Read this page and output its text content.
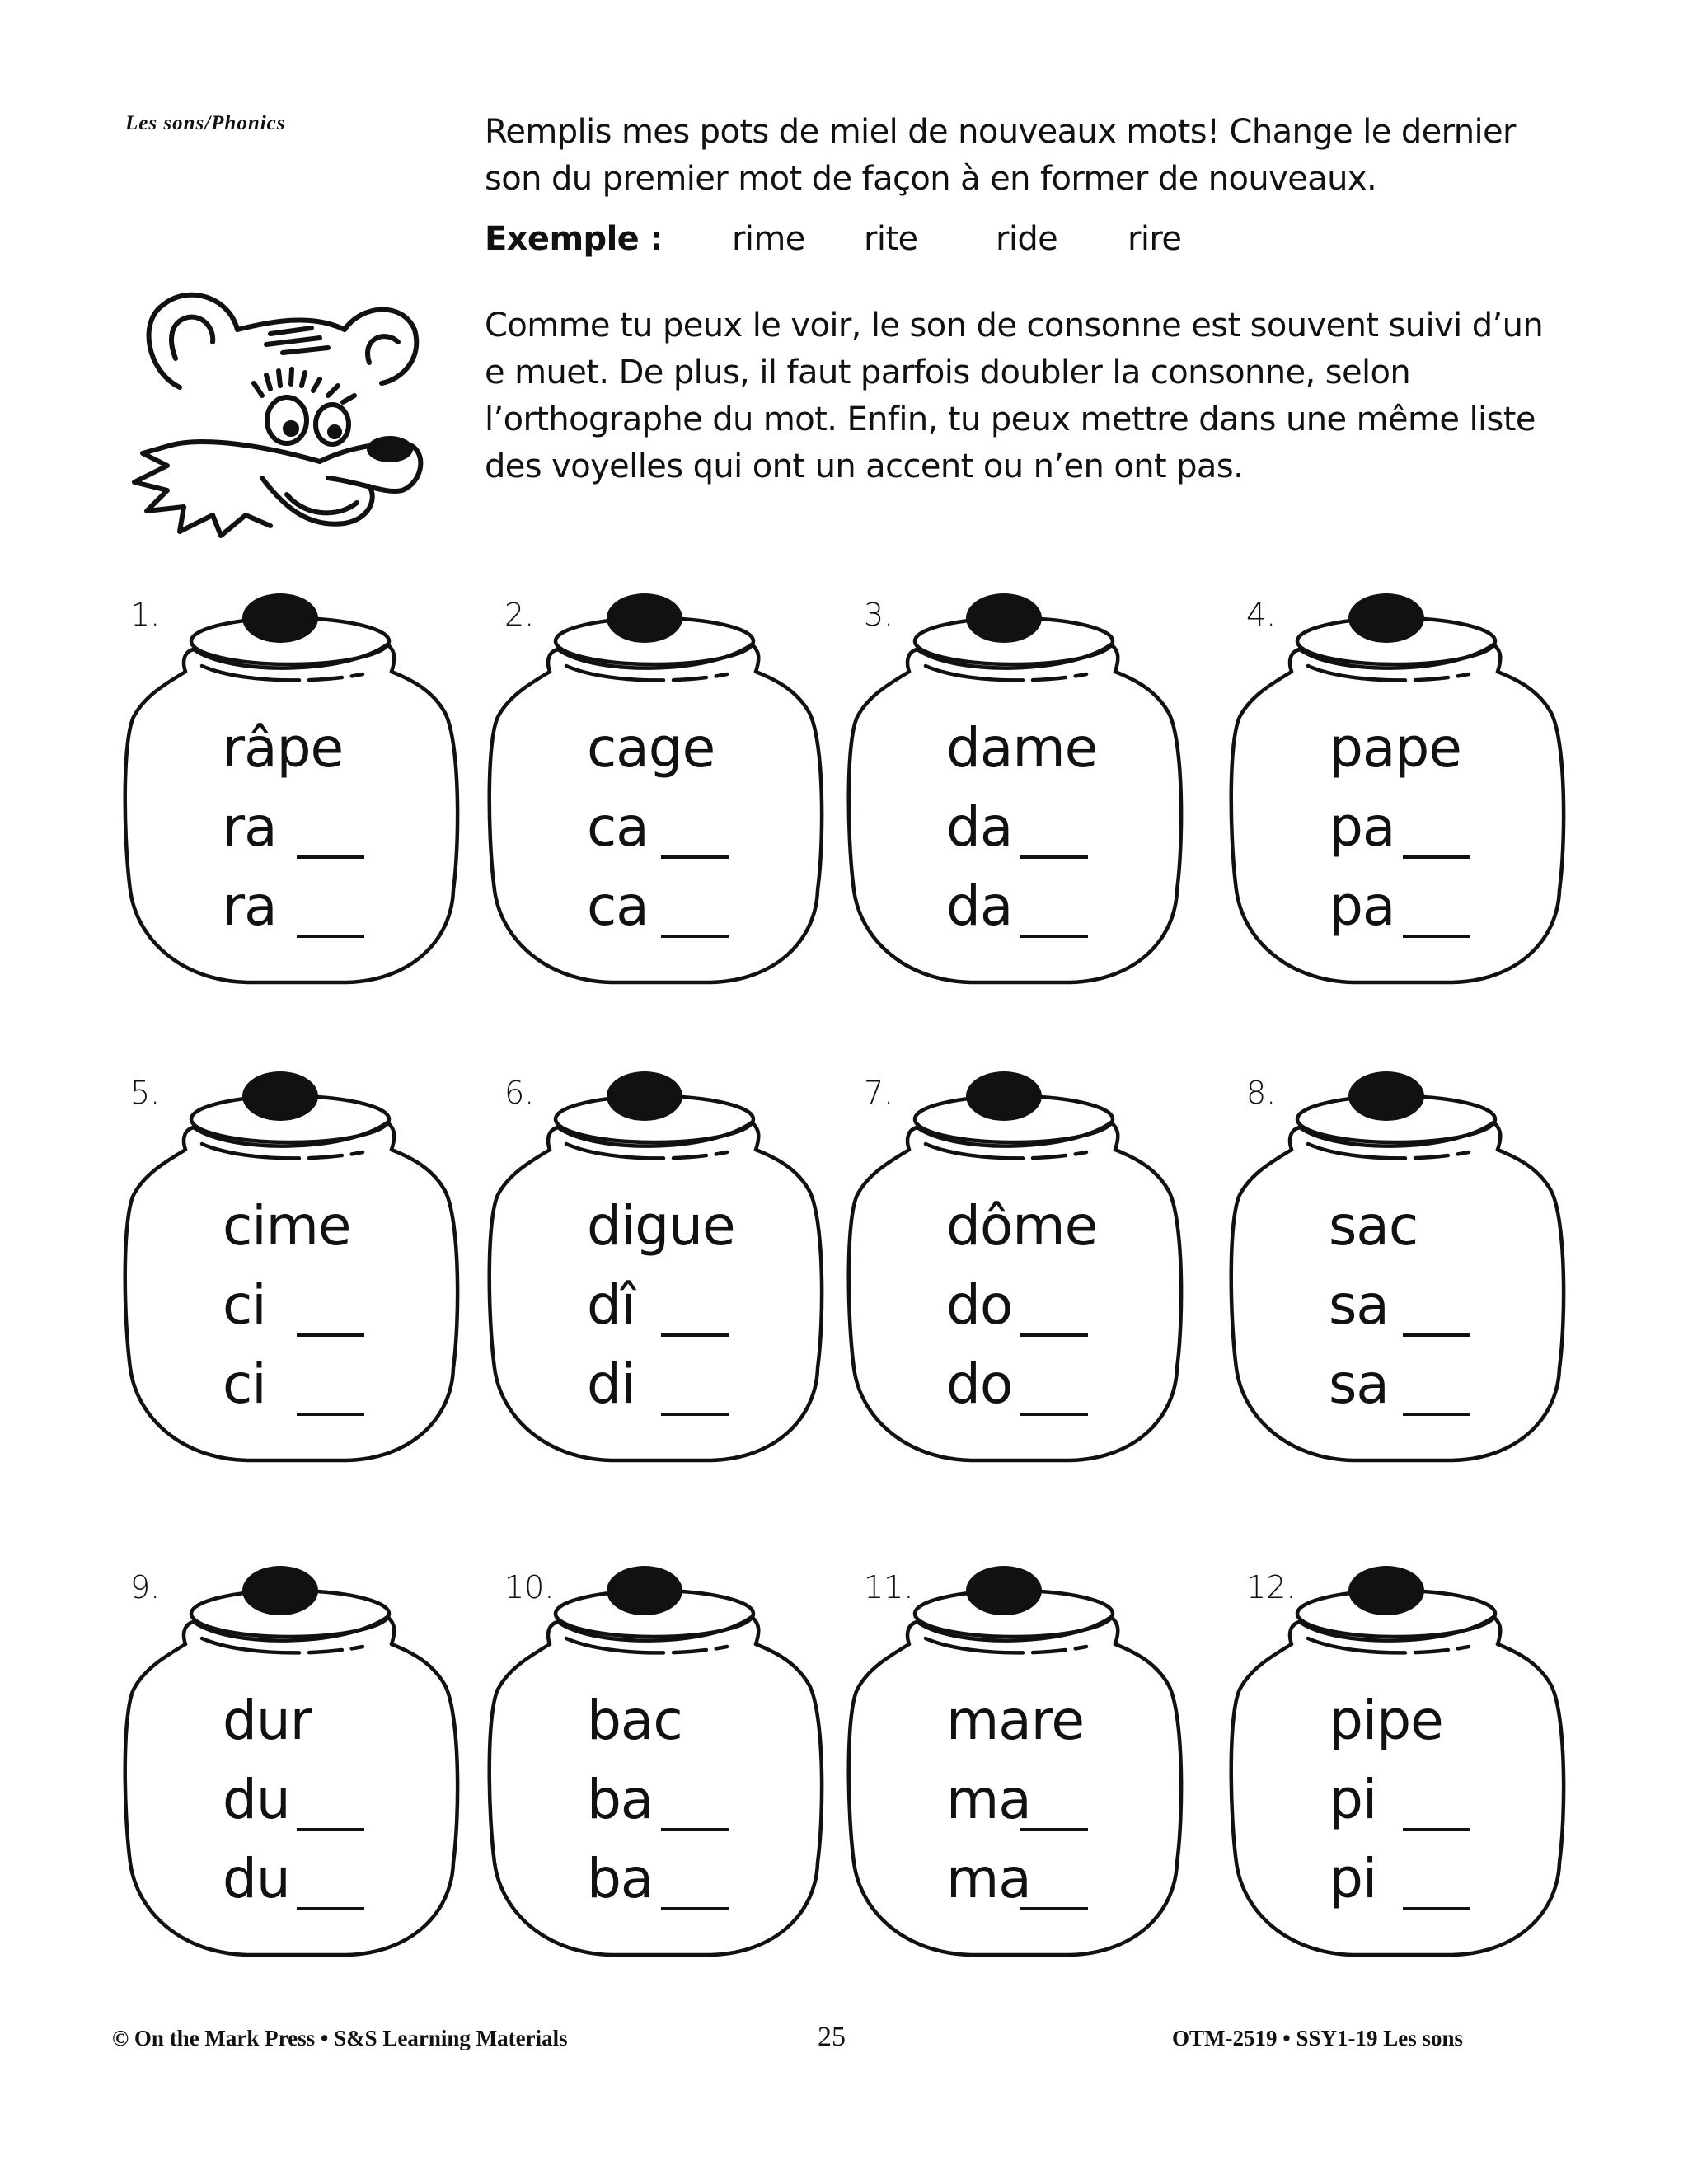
Les sons/Phonics	Remplis mes pots de miel de nouveaux mots! Change le dernier son du premier mot de façon à en former de nouveaux.

Exemple :	rime	rite	ride	rire

Comme tu peux le voir, le son de consonne est souvent suivi d’un e muet. De plus, il faut parfois doubler la consonne, selon l’orthographe du mot. Enfin, tu peux mettre dans une même liste des voyelles qui ont un accent ou n’en ont pas.

1.
râpe
ra
ra
2.
cage
ca
ca
3.
dame
da
da
4.
pape
pa
pa
5.
cime
ci
ci
6.
digue
dî
di
7.
dôme
do
do
8.
sac
sa
sa
9.
dur
du
du
10.
bac
ba
ba
11.
mare
ma
ma
12.
pipe
pi
pi
© On the Mark Press • S&S Learning Materials	25	OTM-2519 • SSY1-19 Les sons
